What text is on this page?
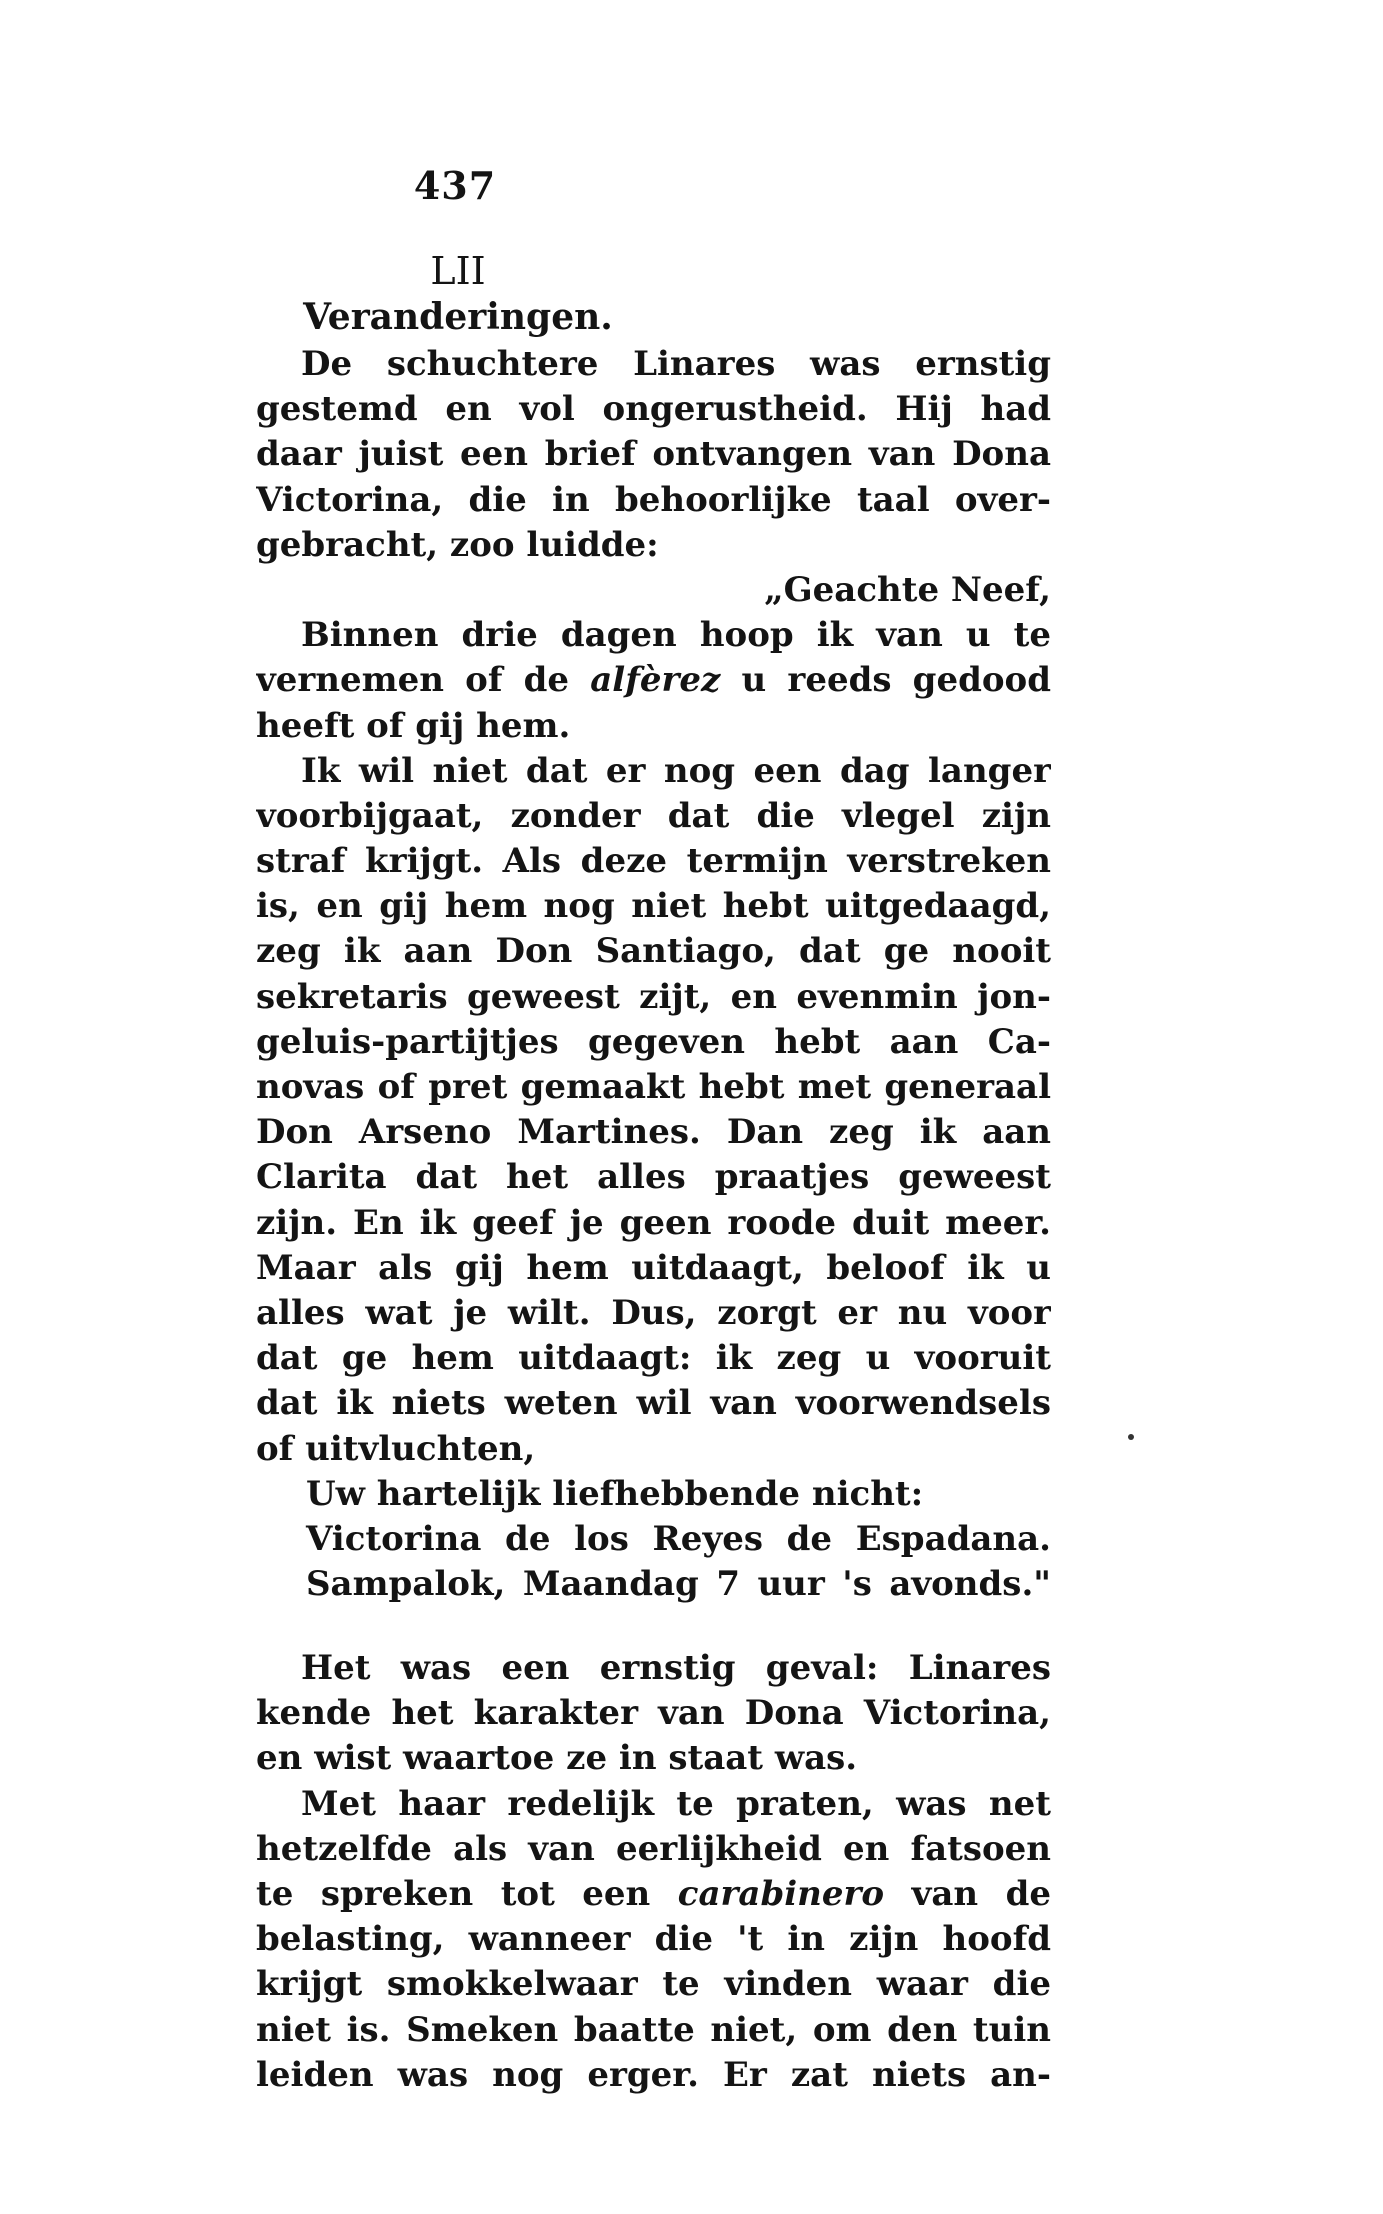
437
LII
Veranderingen.
De schuchtere Linares was ernstig
gestemd en vol ongerustheid. Hij had
daar juist een brief ontvangen van Dona
Victorina, die in behoorlijke taal over-
gebracht, zoo luidde:
„Geachte Neef,
Binnen drie dagen hoop ik van u te
vernemen of de alfèrez u reeds gedood
heeft of gij hem.
Ik wil niet dat er nog een dag langer
voorbijgaat, zonder dat die vlegel zijn
straf krijgt. Als deze termijn verstreken
is, en gij hem nog niet hebt uitgedaagd,
zeg ik aan Don Santiago, dat ge nooit
sekretaris geweest zijt, en evenmin jon-
geluis-partijtjes gegeven hebt aan Ca-
novas of pret gemaakt hebt met generaal
Don Arseno Martines. Dan zeg ik aan
Clarita dat het alles praatjes geweest
zijn. En ik geef je geen roode duit meer.
Maar als gij hem uitdaagt, beloof ik u
alles wat je wilt. Dus, zorgt er nu voor
dat ge hem uitdaagt: ik zeg u vooruit
dat ik niets weten wil van voorwendsels
of uitvluchten,
Uw hartelijk liefhebbende nicht:
Victorina de los Reyes de Espadana.
Sampalok, Maandag 7 uur 's avonds."
Het was een ernstig geval: Linares
kende het karakter van Dona Victorina,
en wist waartoe ze in staat was.
Met haar redelijk te praten, was net
hetzelfde als van eerlijkheid en fatsoen
te spreken tot een carabinero van de
belasting, wanneer die 't in zijn hoofd
krijgt smokkelwaar te vinden waar die
niet is. Smeken baatte niet, om den tuin
leiden was nog erger. Er zat niets an-
